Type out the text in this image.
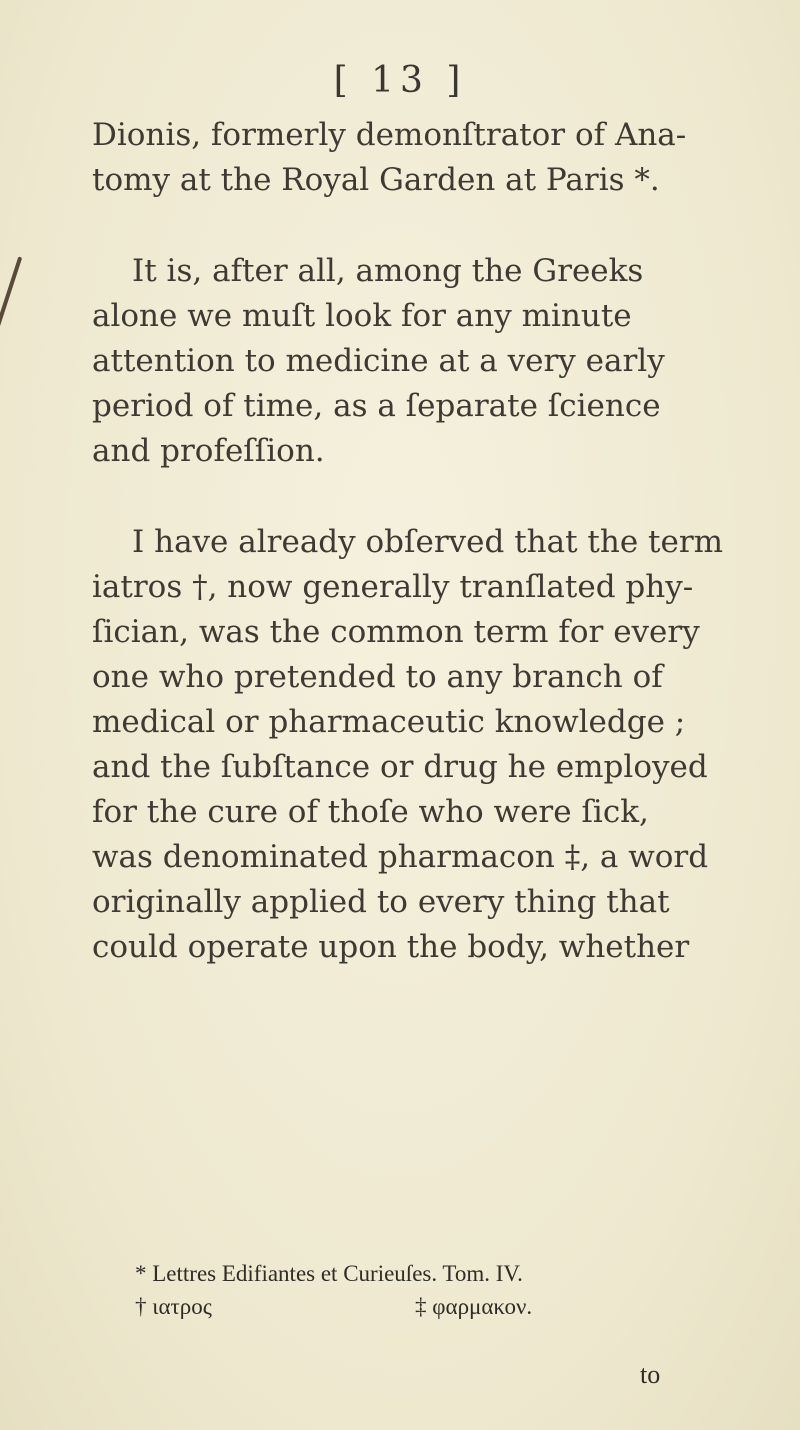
[ 13 ]
Dionis, formerly demonſtrator of Ana-
tomy at the Royal Garden at Paris *.
It is, after all, among the Greeks
alone we muſt look for any minute
attention to medicine at a very early
period of time, as a ſeparate ſcience
and profeſſion.
I have already obſerved that the term
iatros †, now generally tranſlated phy-
ſician, was the common term for every
one who pretended to any branch of
medical or pharmaceutic knowledge ;
and the ſubſtance or drug he employed
for the cure of thoſe who were ſick,
was denominated pharmacon ‡, a word
originally applied to every thing that
could operate upon the body, whether
* Lettres Edifiantes et Curieuſes. Tom. IV.
† ιατρος	‡ φαρμακον.
to
